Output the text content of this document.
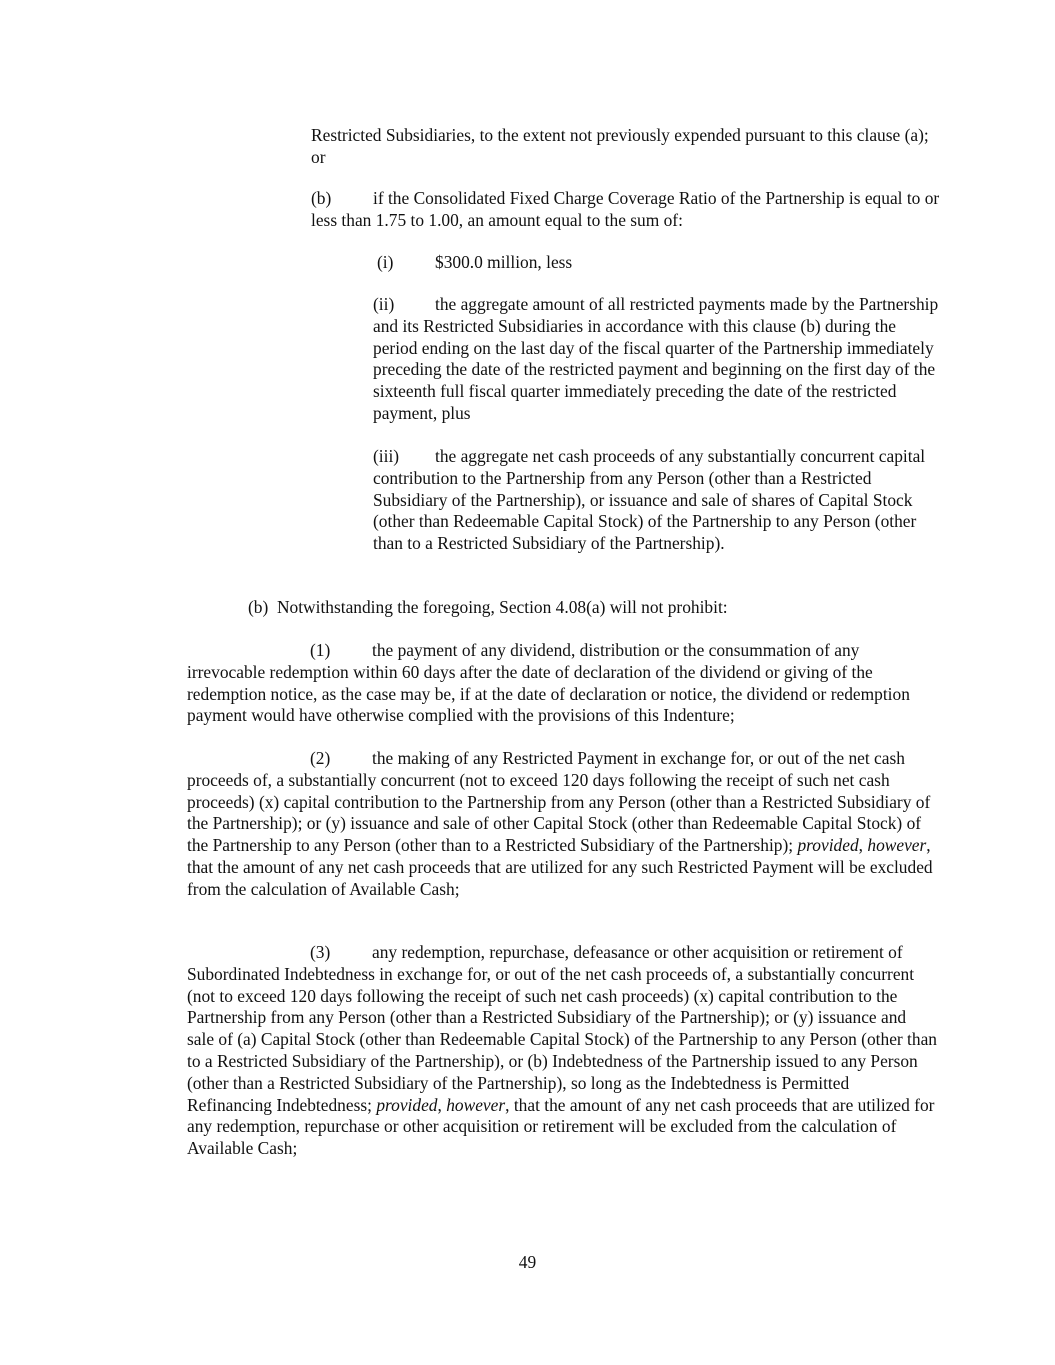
Restricted Subsidiaries, to the extent not previously expended pursuant to this clause (a); or

(b) if the Consolidated Fixed Charge Coverage Ratio of the Partnership is equal to or less than 1.75 to 1.00, an amount equal to the sum of:

(i) $300.0 million, less

(ii) the aggregate amount of all restricted payments made by the Partnership and its Restricted Subsidiaries in accordance with this clause (b) during the period ending on the last day of the fiscal quarter of the Partnership immediately preceding the date of the restricted payment and beginning on the first day of the sixteenth full fiscal quarter immediately preceding the date of the restricted payment, plus

(iii) the aggregate net cash proceeds of any substantially concurrent capital contribution to the Partnership from any Person (other than a Restricted Subsidiary of the Partnership), or issuance and sale of shares of Capital Stock (other than Redeemable Capital Stock) of the Partnership to any Person (other than to a Restricted Subsidiary of the Partnership).

(b)  Notwithstanding the foregoing, Section 4.08(a) will not prohibit:

(1) the payment of any dividend, distribution or the consummation of any irrevocable redemption within 60 days after the date of declaration of the dividend or giving of the redemption notice, as the case may be, if at the date of declaration or notice, the dividend or redemption payment would have otherwise complied with the provisions of this Indenture;

(2) the making of any Restricted Payment in exchange for, or out of the net cash proceeds of, a substantially concurrent (not to exceed 120 days following the receipt of such net cash proceeds) (x) capital contribution to the Partnership from any Person (other than a Restricted Subsidiary of the Partnership); or (y) issuance and sale of other Capital Stock (other than Redeemable Capital Stock) of the Partnership to any Person (other than to a Restricted Subsidiary of the Partnership); provided, however, that the amount of any net cash proceeds that are utilized for any such Restricted Payment will be excluded from the calculation of Available Cash;

(3) any redemption, repurchase, defeasance or other acquisition or retirement of Subordinated Indebtedness in exchange for, or out of the net cash proceeds of, a substantially concurrent (not to exceed 120 days following the receipt of such net cash proceeds) (x) capital contribution to the Partnership from any Person (other than a Restricted Subsidiary of the Partnership); or (y) issuance and sale of (a) Capital Stock (other than Redeemable Capital Stock) of the Partnership to any Person (other than to a Restricted Subsidiary of the Partnership), or (b) Indebtedness of the Partnership issued to any Person (other than a Restricted Subsidiary of the Partnership), so long as the Indebtedness is Permitted Refinancing Indebtedness; provided, however, that the amount of any net cash proceeds that are utilized for any redemption, repurchase or other acquisition or retirement will be excluded from the calculation of Available Cash;

49
